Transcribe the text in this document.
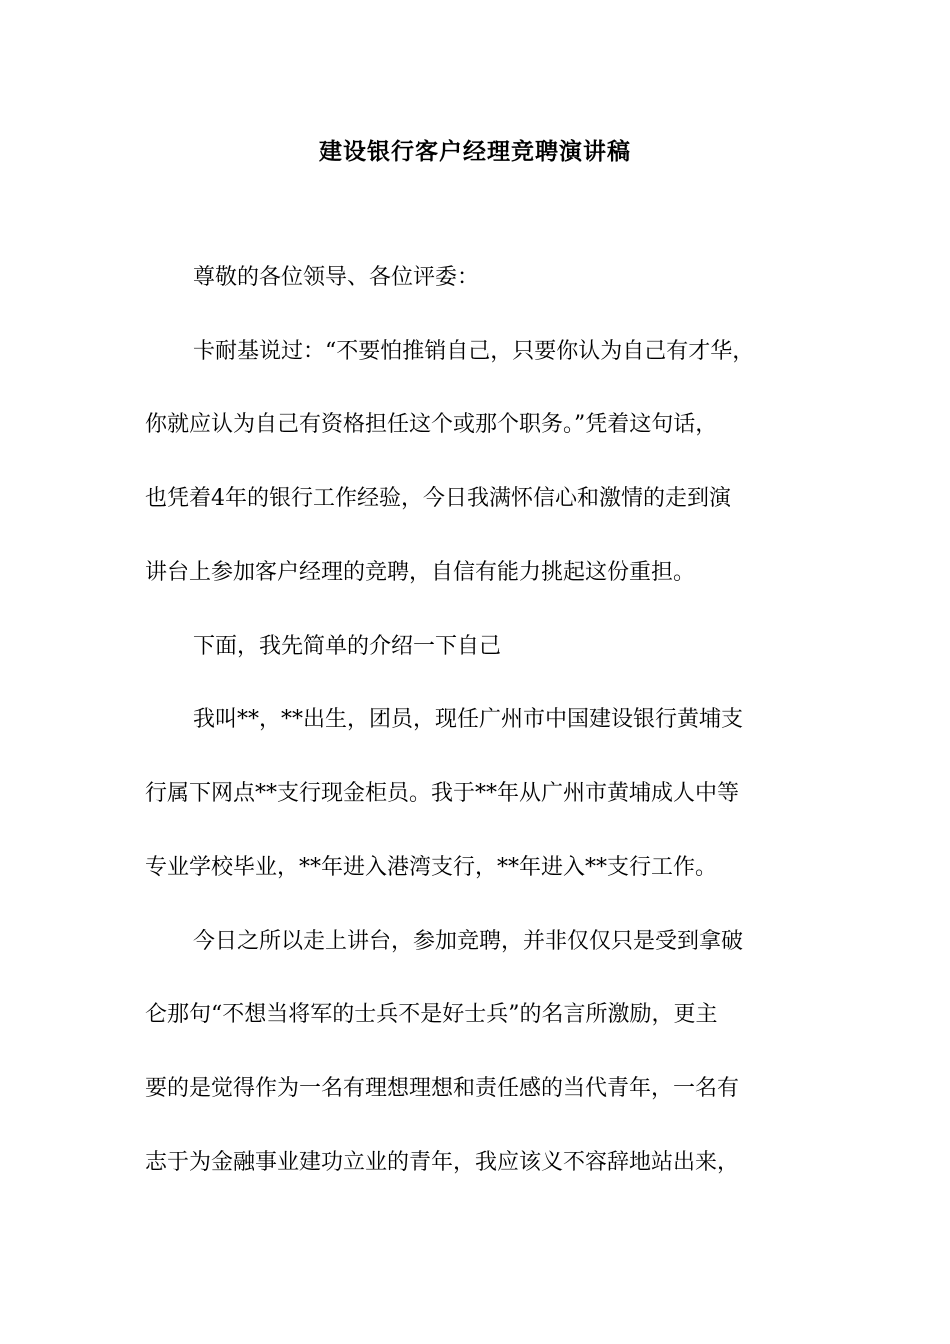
建设银行客户经理竞聘演讲稿
尊敬的各位领导、各位评委：
卡耐基说过：“不要怕推销自己，只要你认为自己有才华，
你就应认为自己有资格担任这个或那个职务。”凭着这句话，
也凭着4年的银行工作经验，今日我满怀信心和激情的走到演
讲台上参加客户经理的竞聘，自信有能力挑起这份重担。
下面，我先简单的介绍一下自己
我叫**，**出生，团员，现任广州市中国建设银行黄埔支
行属下网点**支行现金柜员。我于**年从广州市黄埔成人中等
专业学校毕业，**年进入港湾支行，**年进入**支行工作。
今日之所以走上讲台，参加竞聘，并非仅仅只是受到拿破
仑那句“不想当将军的士兵不是好士兵”的名言所激励，更主
要的是觉得作为一名有理想理想和责任感的当代青年，一名有
志于为金融事业建功立业的青年，我应该义不容辞地站出来，
